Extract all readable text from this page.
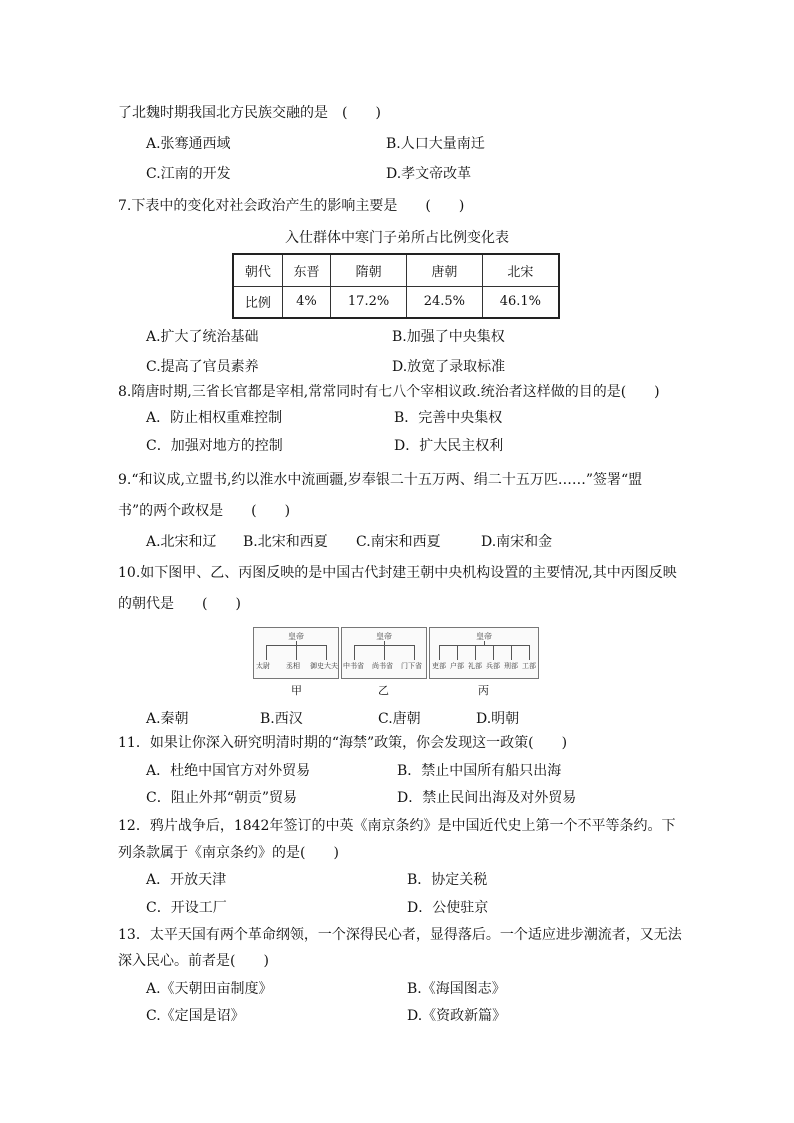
了北魏时期我国北方民族交融的是　(　　)
A.张骞通西域	B.人口大量南迁
C.江南的开发	D.孝文帝改革
7.下表中的变化对社会政治产生的影响主要是　　(　　)
入仕群体中寒门子弟所占比例变化表
朝代	东晋	隋朝	唐朝	北宋
比例	4%	17.2%	24.5%	46.1%
A.扩大了统治基础	B.加强了中央集权
C.提高了官员素养	D.放宽了录取标准
8.隋唐时期,三省长官都是宰相,常常同时有七八个宰相议政.统治者这样做的目的是(　　)
A．防止相权重难控制	B．完善中央集权
C．加强对地方的控制	D．扩大民主权利
9.“和议成,立盟书,约以淮水中流画疆,岁奉银二十五万两、绢二十五万匹……”签署“盟
书”的两个政权是　　(　　)
A.北宋和辽 B.北宋和西夏 C.南宋和西夏	D.南宋和金
10.如下图甲、乙、丙图反映的是中国古代封建王朝中央机构设置的主要情况,其中丙图反映
的朝代是　　(　　)
皇帝
太尉 丞相 御史大夫
皇帝
中书省 尚书省 门下省
皇帝
吏部 户部 礼部 兵部 刑部 工部
甲	乙	丙
A.秦朝	B.西汉	C.唐朝	D.明朝
11．如果让你深入研究明清时期的“海禁”政策，你会发现这一政策(　　)
A．杜绝中国官方对外贸易	B．禁止中国所有船只出海
C．阻止外邦“朝贡”贸易	D．禁止民间出海及对外贸易
12．鸦片战争后，1842年签订的中英《南京条约》是中国近代史上第一个不平等条约。下
列条款属于《南京条约》的是(　　)
A．开放天津	B．协定关税
C．开设工厂	D．公使驻京
13．太平天国有两个革命纲领，一个深得民心者，显得落后。一个适应进步潮流者，又无法
深入民心。前者是(　　)
A.《天朝田亩制度》	B.《海国图志》
C.《定国是诏》	D.《资政新篇》
